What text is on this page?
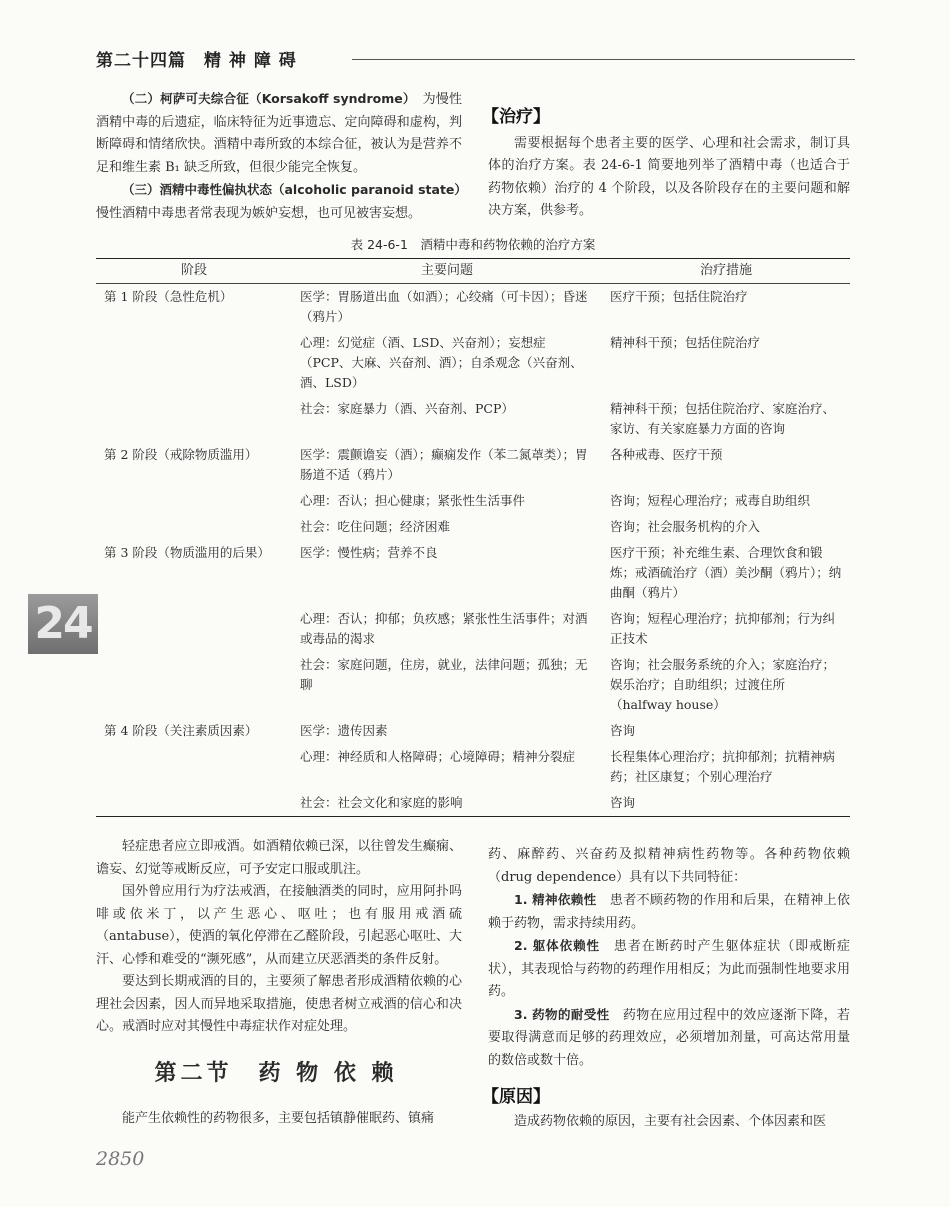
第二十四篇　精 神 障 碍

（二）柯萨可夫综合征（Korsakoff syndrome）　 为慢性酒精中毒的后遗症，临床特征为近事遗忘、定向障碍和虚构，判断障碍和情绪欣快。酒精中毒所致的本综合征，被认为是营养不足和维生素 B₁ 缺乏所致，但很少能完全恢复。

（三）酒精中毒性偏执状态（alcoholic paranoid state）慢性酒精中毒患者常表现为嫉妒妄想，也可见被害妄想。

【治疗】

需要根据每个患者主要的医学、心理和社会需求，制订具体的治疗方案。表 24-6-1 简要地列举了酒精中毒（也适合于药物依赖）治疗的 4 个阶段，以及各阶段存在的主要问题和解决方案，供参考。

表 24-6-1　酒精中毒和药物依赖的治疗方案
阶段	主要问题	治疗措施
第 1 阶段（急性危机）	医学：胃肠道出血（如酒）；心绞痛（可卡因）；昏迷（鸦片）	医疗干预；包括住院治疗
	心理：幻觉症（酒、LSD、兴奋剂）；妄想症（PCP、大麻、兴奋剂、酒）；自杀观念（兴奋剂、酒、LSD）	精神科干预；包括住院治疗
	社会：家庭暴力（酒、兴奋剂、PCP）	精神科干预；包括住院治疗、家庭治疗、家访、有关家庭暴力方面的咨询
第 2 阶段（戒除物质滥用）	医学：震颤谵妄（酒）；癫痫发作（苯二氮䓬类）；胃肠道不适（鸦片）	各种戒毒、医疗干预
	心理：否认；担心健康；紧张性生活事件	咨询；短程心理治疗；戒毒自助组织
	社会：吃住问题；经济困难	咨询；社会服务机构的介入
第 3 阶段（物质滥用的后果）	医学：慢性病；营养不良	医疗干预；补充维生素、合理饮食和锻炼；戒酒硫治疗（酒）美沙酮（鸦片）；纳曲酮（鸦片）
	心理：否认；抑郁；负疚感；紧张性生活事件；对酒或毒品的渴求	咨询；短程心理治疗；抗抑郁剂；行为纠正技术
	社会：家庭问题，住房，就业，法律问题；孤独；无聊	咨询；社会服务系统的介入；家庭治疗；娱乐治疗；自助组织；过渡住所（halfway house）
第 4 阶段（关注素质因素）	医学：遗传因素	咨询
	心理：神经质和人格障碍；心境障碍；精神分裂症	长程集体心理治疗；抗抑郁剂；抗精神病药；社区康复；个别心理治疗
	社会：社会文化和家庭的影响	咨询
24

轻症患者应立即戒酒。如酒精依赖已深，以往曾发生癫痫、谵妄、幻觉等戒断反应，可予安定口服或肌注。

国外曾应用行为疗法戒酒，在接触酒类的同时，应用阿扑吗啡或依米丁，以产生恶心、呕吐；也有服用戒酒硫（antabuse），使酒的氧化停滞在乙醛阶段，引起恶心呕吐、大汗、心悸和难受的“濒死感”，从而建立厌恶酒类的条件反射。

要达到长期戒酒的目的，主要须了解患者形成酒精依赖的心理社会因素，因人而异地采取措施，使患者树立戒酒的信心和决心。戒酒时应对其慢性中毒症状作对症处理。

第二节　药 物 依 赖

能产生依赖性的药物很多，主要包括镇静催眠药、镇痛

药、麻醉药、兴奋药及拟精神病性药物等。各种药物依赖（drug dependence）具有以下共同特征：

1. 精神依赖性　 患者不顾药物的作用和后果，在精神上依赖于药物，需求持续用药。

2. 躯体依赖性　 患者在断药时产生躯体症状（即戒断症状），其表现恰与药物的药理作用相反；为此而强制性地要求用药。

3. 药物的耐受性　 药物在应用过程中的效应逐渐下降，若要取得满意而足够的药理效应，必须增加剂量，可高达常用量的数倍或数十倍。

【原因】

造成药物依赖的原因，主要有社会因素、个体因素和医

2850
